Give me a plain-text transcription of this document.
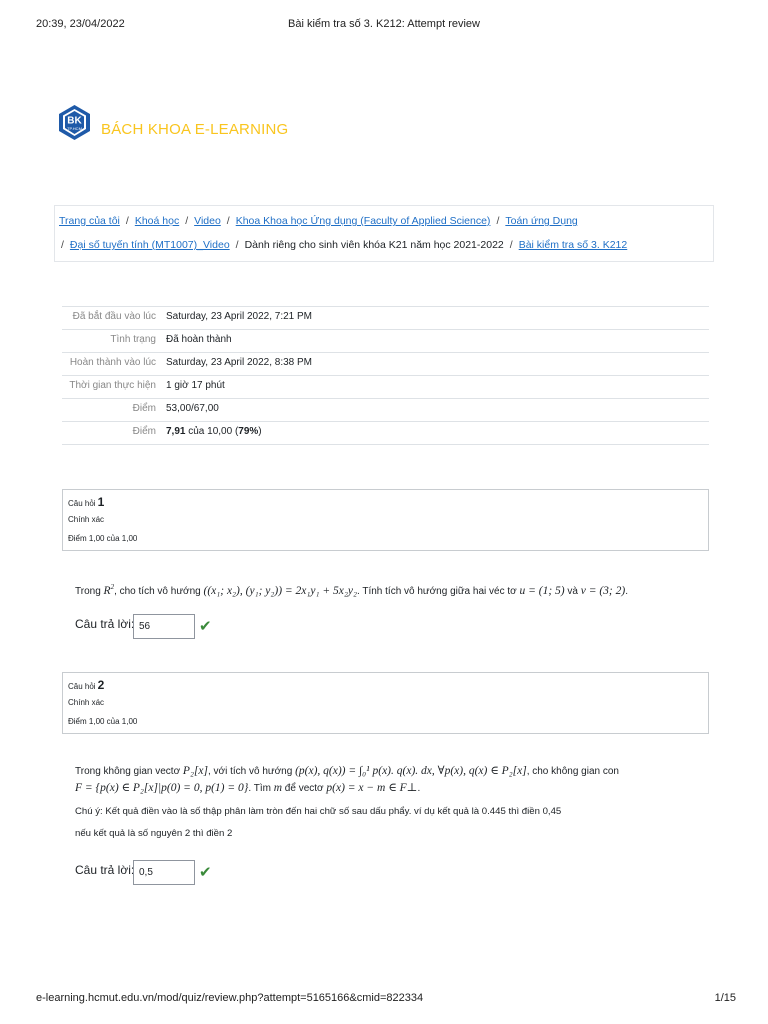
20:39, 23/04/2022	Bài kiểm tra số 3. K212: Attempt review
BK
TP.HCM BÁCH KHOA E-LEARNING
Trang của tôi / Khoá học / Video / Khoa Khoa học Ứng dụng (Faculty of Applied Science) / Toán ứng Dụng
/ Đại số tuyến tính (MT1007)_Video / Dành riêng cho sinh viên khóa K21 năm học 2021-2022 / Bài kiểm tra số 3. K212
Đã bắt đầu vào lúc	Saturday, 23 April 2022, 7:21 PM
Tình trạng	Đã hoàn thành
Hoàn thành vào lúc	Saturday, 23 April 2022, 8:38 PM
Thời gian thực hiện	1 giờ 17 phút
Điểm	53,00/67,00
Điểm	7,91 của 10,00 (79%)
Câu hỏi 1
Chính xác
Điểm 1,00 của 1,00
Trong $R^2$, cho tích vô hướng ((x₁; x₂), (y₁; y₂)) = 2x₁y₁ + 5x₂y₂. Tính tích vô hướng giữa hai véc tơ u = (1; 5) và v = (3; 2).
Câu trả lời: 56	✔
Câu hỏi 2
Chính xác
Điểm 1,00 của 1,00
Trong không gian vectơ P₂[x], với tích vô hướng (p(x), q(x)) = ∫₀¹ p(x). q(x). dx, ∀p(x), q(x) ∈ P₂[x], cho không gian con
F = {p(x) ∈ P₂[x]|p(0) = 0, p(1) = 0}. Tìm m để vectơ p(x) = x − m ∈ F⊥.
Chú ý: Kết quả điền vào là số thập phân làm tròn đến hai chữ số sau dấu phẩy. ví dụ kết quả là 0.445 thì điền 0,45
nếu kết quả là số nguyên 2 thì điền 2
Câu trả lời: 0,5	✔
e-learning.hcmut.edu.vn/mod/quiz/review.php?attempt=5165166&cmid=822334	1/15
